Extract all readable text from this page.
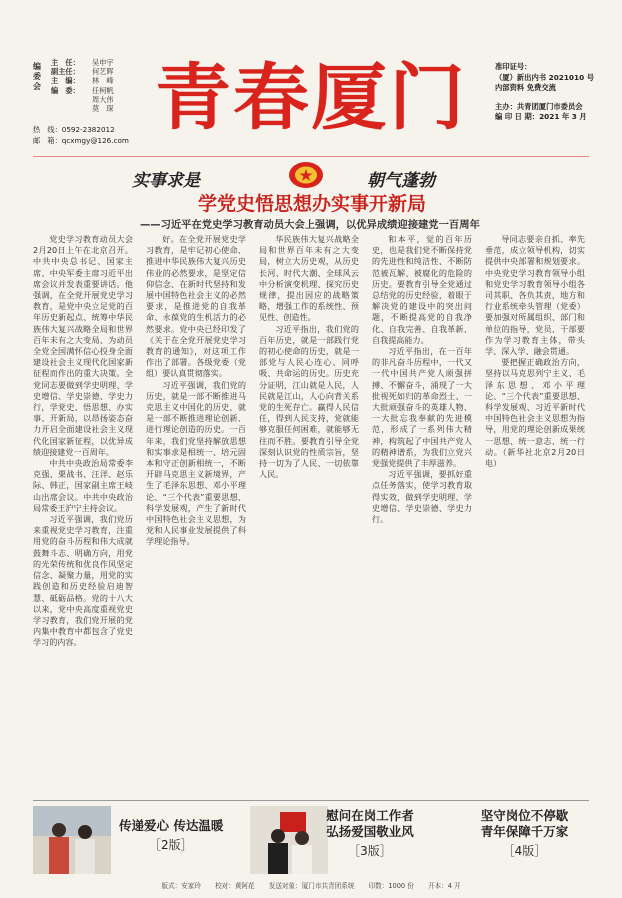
编委会
主　任：	吴申宇
副主任：	何艺晖
主　编：	林　峰
编　委：	任柯帆
周大伟
莫　琛
热　线：0592-2382012
邮　箱：qcxmgy@126.com
青春厦门	准印证号：
（厦）新出内书 2021010 号
内部资料 免费交流
主办：共青团厦门市委员会
编 印 日 期：2021 年 3 月
实事求是	朝气蓬勃
学党史悟思想办实事开新局
——习近平在党史学习教育动员大会上强调，以优异成绩迎接建党一百周年

党史学习教育动员大会2月20日上午在北京召开。中共中央总书记、国家主席、中央军委主席习近平出席会议并发表重要讲话。他强调，在全党开展党史学习教育，是党中央立足党的百年历史新起点、统筹中华民族伟大复兴战略全局和世界百年未有之大变局、为动员全党全国满怀信心投身全面建设社会主义现代化国家新征程而作出的重大决策。全党同志要做到学史明理、学史增信、学史崇德、学史力行，学党史、悟思想、办实事、开新局，以昂扬姿态奋力开启全面建设社会主义现代化国家新征程，以优异成绩迎接建党一百周年。

中共中央政治局常委李克强、栗战书、汪洋、赵乐际、韩正，国家副主席王岐山出席会议。中共中央政治局常委王沪宁主持会议。

习近平强调，我们党历来重视党史学习教育，注重用党的奋斗历程和伟大成就鼓舞斗志、明确方向，用党的光荣传统和优良作风坚定信念、凝聚力量，用党的实践创造和历史经验启迪智慧、砥砺品格。党的十八大以来，党中央高度重视党史学习教育，我们党开展的党内集中教育中都包含了党史学习的内容。

好。在全党开展党史学习教育，是牢记初心使命、推进中华民族伟大复兴历史伟业的必然要求，是坚定信仰信念、在新时代坚持和发展中国特色社会主义的必然要求，是推进党的自我革命、永葆党的生机活力的必然要求。党中央已经印发了《关于在全党开展党史学习教育的通知》，对这项工作作出了部署。各级党委（党组）要认真贯彻落实。

习近平强调，我们党的历史，就是一部不断推进马克思主义中国化的历史，就是一部不断推进理论创新、进行理论创造的历史。一百年来，我们党坚持解放思想和实事求是相统一、培元固本和守正创新相统一，不断开辟马克思主义新境界，产生了毛泽东思想、邓小平理论、“三个代表”重要思想、科学发展观，产生了新时代中国特色社会主义思想，为党和人民事业发展提供了科学理论指导。

华民族伟大复兴战略全局和世界百年未有之大变局，树立大历史观，从历史长河、时代大潮、全球风云中分析演变机理、探究历史规律，提出因应的战略策略，增强工作的系统性、预见性、创造性。

习近平指出，我们党的百年历史，就是一部践行党的初心使命的历史，就是一部党与人民心连心、同呼吸、共命运的历史。历史充分证明，江山就是人民，人民就是江山，人心向背关系党的生死存亡。赢得人民信任，得到人民支持，党就能够克服任何困难，就能够无往而不胜。要教育引导全党深刻认识党的性质宗旨，坚持一切为了人民、一切依靠人民。

和本平，觉的百年历史，也是我们党不断保持党的先进性和纯洁性、不断防范被瓦解、被腐化的危险的历史。要教育引导全党通过总结党的历史经验，着眼于解决党的建设中的突出问题，不断提高党的自我净化、自我完善、自我革新、自我提高能力。

习近平指出，在一百年的非凡奋斗历程中，一代又一代中国共产党人顽强拼搏、不懈奋斗，涌现了一大批视死如归的革命烈士、一大批顽强奋斗的英雄人物、一大批忘我奉献的先进模范，形成了一系列伟大精神，构筑起了中国共产党人的精神谱系，为我们立党兴党强党提供了丰厚滋养。

习近平强调，要抓好重点任务落实，使学习教育取得实效，做到学史明理、学史增信、学史崇德、学史力行。

导同志要亲自抓、率先垂范，成立领导机构，切实提供中央部署和规划要求。中央党史学习教育领导小组和党史学习教育领导小组各司其职、各负其责，地方和行业系统牵头管理（党委）要加强对所属组织、部门和单位的指导，党员、干部要作为学习教育主体，带头学、深入学、融会贯通。

要把握正确政治方向，坚持以马克思列宁主义、毛泽东思想、邓小平理论、“三个代表”重要思想、科学发展观、习近平新时代中国特色社会主义思想为指导，用党的理论创新成果统一思想、统一意志、统一行动。（新华社北京2月20日电）

传递爱心 传达温暖
［2版］
慰问在岗工作者
弘扬爱国敬业风
［3版］
坚守岗位不停歇
青年保障千万家
［4版］
版式：安家玲 校对：黄阿花 发送对象：厦门市共青团系统 印数：1000 份 开本：4 开
